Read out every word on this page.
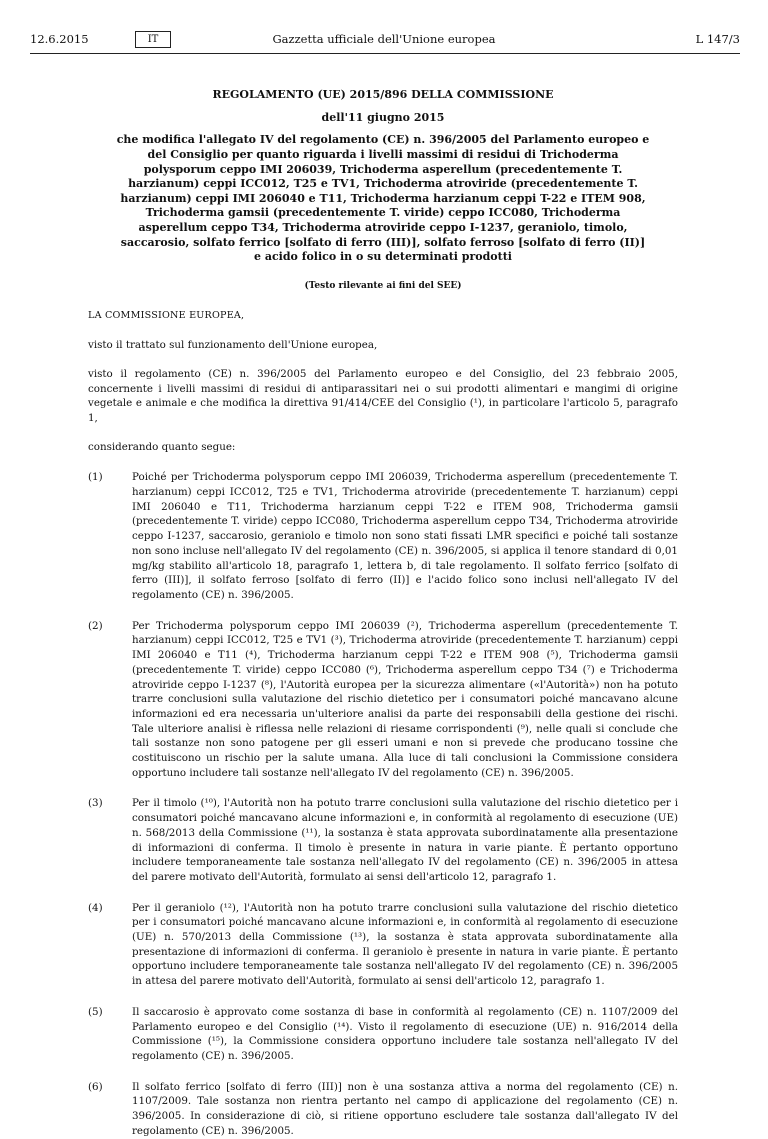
12.6.2015	IT	Gazzetta ufficiale dell'Unione europea	L 147/3
REGOLAMENTO (UE) 2015/896 DELLA COMMISSIONE
dell'11 giugno 2015
che modifica l'allegato IV del regolamento (CE) n. 396/2005 del Parlamento europeo e del Consiglio per quanto riguarda i livelli massimi di residui di Trichoderma polysporum ceppo IMI 206039, Trichoderma asperellum (precedentemente T. harzianum) ceppi ICC012, T25 e TV1, Trichoderma atroviride (precedentemente T. harzianum) ceppi IMI 206040 e T11, Trichoderma harzianum ceppi T-22 e ITEM 908, Trichoderma gamsii (precedentemente T. viride) ceppo ICC080, Trichoderma asperellum ceppo T34, Trichoderma atroviride ceppo I-1237, geraniolo, timolo, saccarosio, solfato ferrico [solfato di ferro (III)], solfato ferroso [solfato di ferro (II)] e acido folico in o su determinati prodotti
(Testo rilevante ai fini del SEE)
LA COMMISSIONE EUROPEA,
visto il trattato sul funzionamento dell'Unione europea,
visto il regolamento (CE) n. 396/2005 del Parlamento europeo e del Consiglio, del 23 febbraio 2005, concernente i livelli massimi di residui di antiparassitari nei o sui prodotti alimentari e mangimi di origine vegetale e animale e che modifica la direttiva 91/414/CEE del Consiglio (¹), in particolare l'articolo 5, paragrafo 1,
considerando quanto segue:
(1)	Poiché per Trichoderma polysporum ceppo IMI 206039, Trichoderma asperellum (precedentemente T. harzianum) ceppi ICC012, T25 e TV1, Trichoderma atroviride (precedentemente T. harzianum) ceppi IMI 206040 e T11, Trichoderma harzianum ceppi T-22 e ITEM 908, Trichoderma gamsii (precedentemente T. viride) ceppo ICC080, Trichoderma asperellum ceppo T34, Trichoderma atroviride ceppo I-1237, saccarosio, geraniolo e timolo non sono stati fissati LMR specifici e poiché tali sostanze non sono incluse nell'allegato IV del regolamento (CE) n. 396/2005, si applica il tenore standard di 0,01 mg/kg stabilito all'articolo 18, paragrafo 1, lettera b, di tale regolamento. Il solfato ferrico [solfato di ferro (III)], il solfato ferroso [solfato di ferro (II)] e l'acido folico sono inclusi nell'allegato IV del regolamento (CE) n. 396/2005.
(2)	Per Trichoderma polysporum ceppo IMI 206039 (²), Trichoderma asperellum (precedentemente T. harzianum) ceppi ICC012, T25 e TV1 (³), Trichoderma atroviride (precedentemente T. harzianum) ceppi IMI 206040 e T11 (⁴), Trichoderma harzianum ceppi T-22 e ITEM 908 (⁵), Trichoderma gamsii (precedentemente T. viride) ceppo ICC080 (⁶), Trichoderma asperellum ceppo T34 (⁷) e Trichoderma atroviride ceppo I-1237 (⁸), l'Autorità europea per la sicurezza alimentare («l'Autorità») non ha potuto trarre conclusioni sulla valutazione del rischio dietetico per i consumatori poiché mancavano alcune informazioni ed era necessaria un'ulteriore analisi da parte dei responsabili della gestione dei rischi. Tale ulteriore analisi è riflessa nelle relazioni di riesame corrispondenti (⁹), nelle quali si conclude che tali sostanze non sono patogene per gli esseri umani e non si prevede che producano tossine che costituiscono un rischio per la salute umana. Alla luce di tali conclusioni la Commissione considera opportuno includere tali sostanze nell'allegato IV del regolamento (CE) n. 396/2005.
(3)	Per il timolo (¹⁰), l'Autorità non ha potuto trarre conclusioni sulla valutazione del rischio dietetico per i consumatori poiché mancavano alcune informazioni e, in conformità al regolamento di esecuzione (UE) n. 568/2013 della Commissione (¹¹), la sostanza è stata approvata subordinatamente alla presentazione di informazioni di conferma. Il timolo è presente in natura in varie piante. È pertanto opportuno includere temporaneamente tale sostanza nell'allegato IV del regolamento (CE) n. 396/2005 in attesa del parere motivato dell'Autorità, formulato ai sensi dell'articolo 12, paragrafo 1.
(4)	Per il geraniolo (¹²), l'Autorità non ha potuto trarre conclusioni sulla valutazione del rischio dietetico per i consumatori poiché mancavano alcune informazioni e, in conformità al regolamento di esecuzione (UE) n. 570/2013 della Commissione (¹³), la sostanza è stata approvata subordinatamente alla presentazione di informazioni di conferma. Il geraniolo è presente in natura in varie piante. È pertanto opportuno includere temporaneamente tale sostanza nell'allegato IV del regolamento (CE) n. 396/2005 in attesa del parere motivato dell'Autorità, formulato ai sensi dell'articolo 12, paragrafo 1.
(5)	Il saccarosio è approvato come sostanza di base in conformità al regolamento (CE) n. 1107/2009 del Parlamento europeo e del Consiglio (¹⁴). Visto il regolamento di esecuzione (UE) n. 916/2014 della Commissione (¹⁵), la Commissione considera opportuno includere tale sostanza nell'allegato IV del regolamento (CE) n. 396/2005.
(6)	Il solfato ferrico [solfato di ferro (III)] non è una sostanza attiva a norma del regolamento (CE) n. 1107/2009. Tale sostanza non rientra pertanto nel campo di applicazione del regolamento (CE) n. 396/2005. In considerazione di ciò, si ritiene opportuno escludere tale sostanza dall'allegato IV del regolamento (CE) n. 396/2005.
